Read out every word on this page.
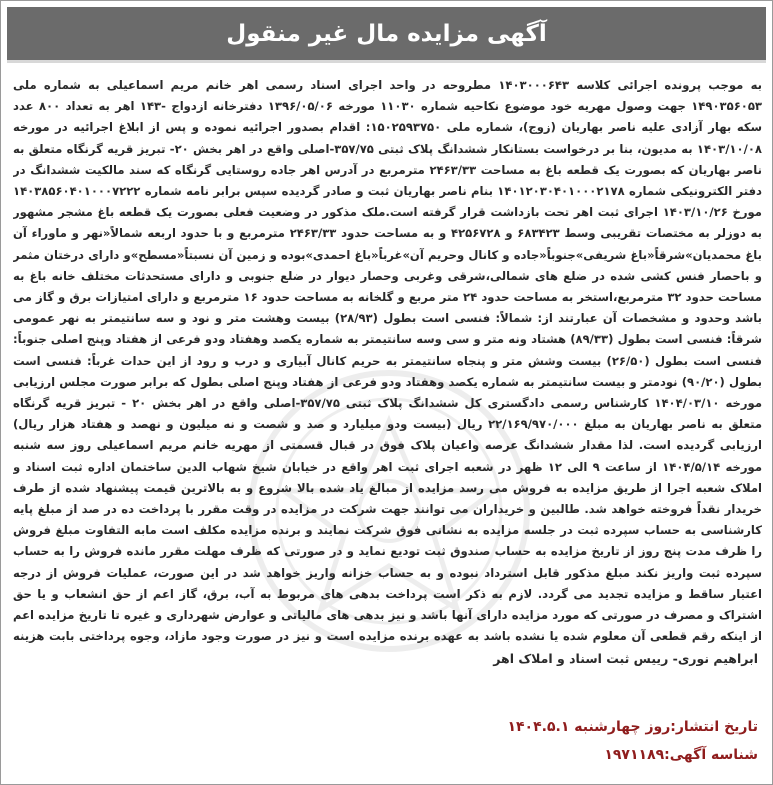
آگهی مزایده مال غیر منقول

به موجب پرونده اجرائی کلاسه ۱۴۰۳۰۰۰۶۴۳ مطروحه در واحد اجرای اسناد رسمی اهر خانم مریم اسماعیلی به شماره ملی ۱۴۹۰۳۵۶۰۵۳ جهت وصول مهریه خود موضوع نکاحیه شماره ۱۱۰۳۰ مورخه ۱۳۹۶/۰۵/۰۶ دفترخانه ازدواج -۱۴۳ اهر به تعداد ۸۰۰ عدد سکه بهار آزادی علیه ناصر بهاریان (زوج)، شماره ملی ۱۵۰۲۵۹۳۷۵۰: اقدام بصدور اجرائیه نموده و پس از ابلاغ اجرائیه در مورخه ۱۴۰۳/۱۰/۰۸ به مدیون، بنا بر درخواست بستانکار ششدانگ پلاک ثبتی ۳۵۷/۷۵-اصلی واقع در اهر بخش ۲۰- تبریز قریه گرنگاه متعلق به ناصر بهاریان که بصورت یک قطعه باغ به مساحت ۲۴۶۳/۳۳ مترمربع در آدرس اهر جاده روستایی گرنگاه که سند مالکیت ششدانگ در دفتر الکترونیکی شماره ۱۴۰۱۲۰۳۰۴۰۱۰۰۰۲۱۷۸ بنام ناصر بهاریان ثبت و صادر گردیده سپس برابر نامه شماره ۱۴۰۳۸۵۶۰۴۰۱۰۰۰۷۲۲۲ مورخ ۱۴۰۳/۱۰/۲۶ اجرای ثبت اهر تحت بازداشت قرار گرفته است.ملک مذکور در وضعیت فعلی بصورت یک قطعه باغ مشجر مشهور به دوزلر به مختصات تقریبی وسط ۶۸۳۴۲۳ و ۴۲۵۶۷۲۸ و به مساحت حدود ۲۴۶۳/۳۳ مترمربع و با حدود اربعه شمالاً«نهر و ماوراء آن باغ محمدیان»شرقاً«باغ شریفی»جنوباً«جاده و کانال وحریم آن»غرباً«باغ احمدی»بوده و زمین آن نسبتاً«مسطح»و دارای درختان مثمر و باحصار فنس کشی شده در ضلع های شمالی،شرقی وغربی وحصار دیوار در ضلع جنوبی و دارای مستحدثات مختلف خانه باغ به مساحت حدود ۳۲ مترمربع،استخر به مساحت حدود ۲۴ متر مربع و گلخانه به مساحت حدود ۱۶ مترمربع و دارای امتیازات برق و گاز می باشد وحدود و مشخصات آن عبارتند از: شمالاً: فنسی است بطول (۲۸/۹۳) بیست وهشت متر و نود و سه سانتیمتر به نهر عمومی شرقاً: فنسی است بطول (۸۹/۳۳) هشتاد ونه متر و سی وسه سانتیمتر به شماره یکصد وهفتاد ودو فرعی از هفتاد وپنج اصلی جنوباً: فنسی است بطول (۲۶/۵۰) بیست وشش متر و پنجاه سانتیمتر به حریم کانال آبیاری و درب و رود از این حدات غرباً: فنسی است بطول (۹۰/۲۰) نودمتر و بیست سانتیمتر به شماره یکصد وهفتاد ودو فرعی از هفتاد وپنج اصلی بطول که برابر صورت مجلس ارزیابی مورخه ۱۴۰۴/۰۳/۱۰ کارشناس رسمی دادگستری کل ششدانگ پلاک ثبتی ۳۵۷/۷۵-اصلی واقع در اهر بخش ۲۰ - تبریز قریه گرنگاه متعلق به ناصر بهاریان به مبلغ ۲۲/۱۶۹/۹۷۰/۰۰۰ ریال (بیست ودو میلیارد و صد و شصت و نه میلیون و نهصد و هفتاد هزار ریال) ارزیابی گردیده است. لذا مقدار ششدانگ عرصه واعیان پلاک فوق در قبال قسمتی از مهریه خانم مریم اسماعیلی روز سه شنبه مورخه ۱۴۰۴/۵/۱۴ از ساعت ۹ الی ۱۲ ظهر در شعبه اجرای ثبت اهر واقع در خیابان شیخ شهاب الدین ساختمان اداره ثبت اسناد و املاک شعبه اجرا از طریق مزایده به فروش می رسد مزایده از مبالغ یاد شده بالا شروع و به بالاترین قیمت پیشنهاد شده از طرف خریدار نقداً فروخته خواهد شد. طالبین و خریداران می توانند جهت شرکت در مزایده در وقت مقرر با پرداخت ده در صد از مبلغ پایه کارشناسی به حساب سپرده ثبت در جلسه مزایده به نشانی فوق شرکت نمایند و برنده مزایده مکلف است مابه التفاوت مبلغ فروش را ظرف مدت پنج روز از تاریخ مزایده به حساب صندوق ثبت تودیع نماید و در صورتی که ظرف مهلت مقرر مانده فروش را به حساب سپرده ثبت واریز نکند مبلغ مذکور قابل استرداد نبوده و به حساب خزانه واریز خواهد شد در این صورت، عملیات فروش از درجه اعتبار ساقط و مزایده تجدید می گردد. لازم به ذکر است پرداخت بدهی های مربوط به آب، برق، گاز اعم از حق انشعاب و یا حق اشتراک و مصرف در صورتی که مورد مزایده دارای آنها باشد و نیز بدهی های مالیاتی و عوارض شهرداری و غیره تا تاریخ مزایده اعم از اینکه رقم قطعی آن معلوم شده یا نشده باشد به عهده برنده مزایده است و نیز در صورت وجود مازاد، وجوه پرداختی بابت هزینه

ابراهیم نوری- رییس ثبت اسناد و املاک اهر
تاریخ انتشار:روز چهارشنبه ۱۴۰۴.۵.۱
شناسه آگهی:۱۹۷۱۱۸۹
